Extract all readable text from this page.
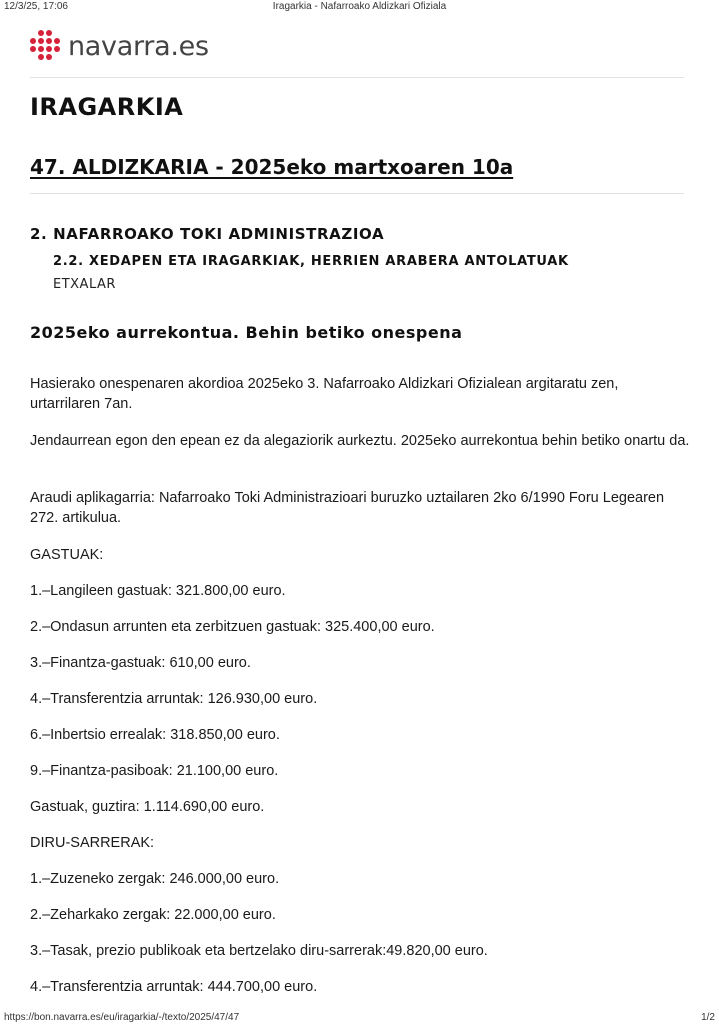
12/3/25, 17:06	Iragarkia - Nafarroako Aldizkari Ofiziala
navarra.es
IRAGARKIA
47. ALDIZKARIA - 2025eko martxoaren 10a
2. NAFARROAKO TOKI ADMINISTRAZIOA
2.2. XEDAPEN ETA IRAGARKIAK, HERRIEN ARABERA ANTOLATUAK
ETXALAR
2025eko aurrekontua. Behin betiko onespena

Hasierako onespenaren akordioa 2025eko 3. Nafarroako Aldizkari Ofizialean argitaratu zen, urtarrilaren 7an.

Jendaurrean egon den epean ez da alegaziorik aurkeztu. 2025eko aurrekontua behin betiko onartu da.

Araudi aplikagarria: Nafarroako Toki Administrazioari buruzko uztailaren 2ko 6/1990 Foru Legearen 272. artikulua.

GASTUAK:

1.–Langileen gastuak: 321.800,00 euro.

2.–Ondasun arrunten eta zerbitzuen gastuak: 325.400,00 euro.

3.–Finantza-gastuak: 610,00 euro.

4.–Transferentzia arruntak: 126.930,00 euro.

6.–Inbertsio errealak: 318.850,00 euro.

9.–Finantza-pasiboak: 21.100,00 euro.

Gastuak, guztira: 1.114.690,00 euro.

DIRU-SARRERAK:

1.–Zuzeneko zergak: 246.000,00 euro.

2.–Zeharkako zergak: 22.000,00 euro.

3.–Tasak, prezio publikoak eta bertzelako diru-sarrerak:49.820,00 euro.

4.–Transferentzia arruntak: 444.700,00 euro.

https://bon.navarra.es/eu/iragarkia/-/texto/2025/47/47	1/2
